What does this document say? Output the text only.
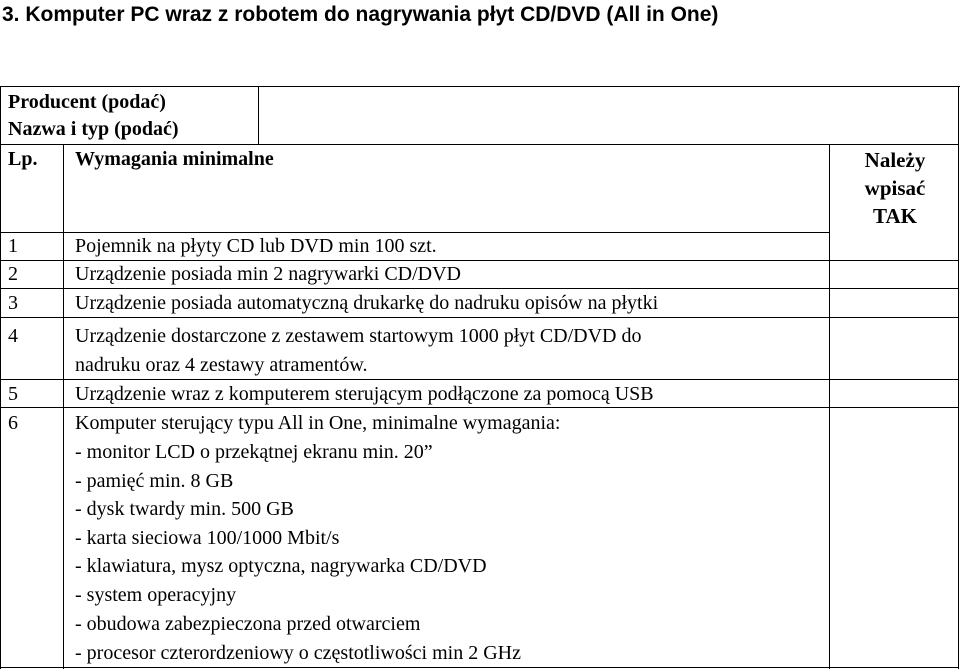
3. Komputer PC wraz z robotem do nagrywania płyt CD/DVD (All in One)
Producent (podać)
Nazwa i typ (podać)
Lp. Wymagania minimalne	Należy
wpisać
TAK
1	Pojemnik na płyty CD lub DVD min 100 szt.
2	Urządzenie posiada min 2 nagrywarki CD/DVD
3	Urządzenie posiada automatyczną drukarkę do nadruku opisów na płytki
4	Urządzenie dostarczone z zestawem startowym 1000 płyt CD/DVD do
nadruku oraz 4 zestawy atramentów.
5	Urządzenie wraz z komputerem sterującym podłączone za pomocą USB
6	Komputer sterujący typu All in One, minimalne wymagania:
- monitor LCD o przekątnej ekranu min. 20”
- pamięć min. 8 GB
- dysk twardy min. 500 GB
- karta sieciowa 100/1000 Mbit/s
- klawiatura, mysz optyczna, nagrywarka CD/DVD
- system operacyjny
- obudowa zabezpieczona przed otwarciem
- procesor czterordzeniowy o częstotliwości min 2 GHz
